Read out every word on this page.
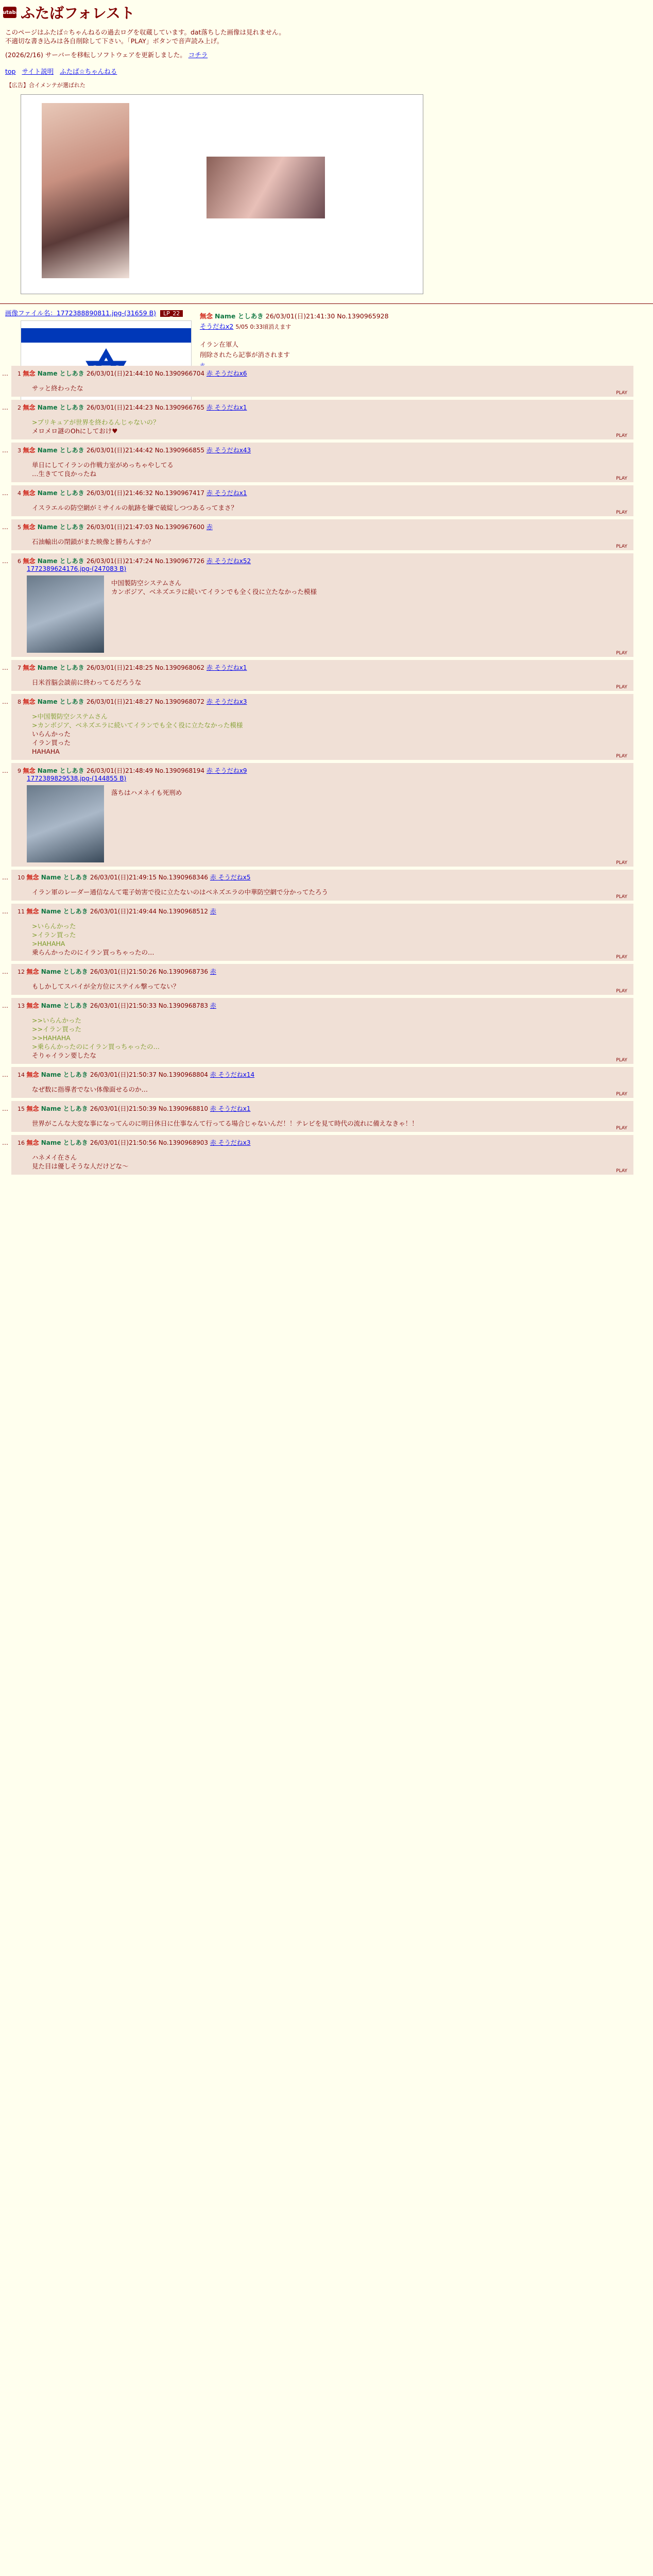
futaba ふたばフォレスト
このページはふたば☆ちゃんねるの過去ログを収蔵しています。dat落ちした画像は見れません。
不適切な書き込みは各自削除して下さい。「PLAY」ボタンで音声読み上げ。
(2026/2/16) サーバーを移転しソフトウェアを更新しました。 コチラ
top サイト説明 ふたば☆ちゃんねる
【広告】合イメンテが選ばれた
画像ファイル名：1772388890811.jpg-(31659 B) LP_22	無念 Name としあき 26/03/01(日)21:41:30 No.1390965928
そうだねx2 5/05 0:33頃消えます
イラン在軍人
削除されたら記事が消されます
… 1 無念 Name としあき 26/03/01(日)21:44:10 No.1390966704 赤 そうだねx6
サッと終わったな
PLAY
… 2 無念 Name としあき 26/03/01(日)21:44:23 No.1390966765 赤 そうだねx1
>プリキュアが世界を終わるんじゃないの？
メロメロ謎のOhにしておけ♥
PLAY
… 3 無念 Name としあき 26/03/01(日)21:44:42 No.1390966855 赤 そうだねx43
単日にしてイランの作戦力室がめっちゃやしてる
…生きてて良かったね
PLAY
… 4 無念 Name としあき 26/03/01(日)21:46:32 No.1390967417 赤 そうだねx1
イスラエルの防空網がミサイルの航跡を嫌で破綻しつつあるってまさ？
PLAY
… 5 無念 Name としあき 26/03/01(日)21:47:03 No.1390967600 赤
石油輸出の閉鎖がまた映像と勝ちんすか？
PLAY
… 6 無念 Name としあき 26/03/01(日)21:47:24 No.1390967726 赤 そうだねx52
1772389624176.jpg-(247083 B)
中国製防空システムさん
カンボジア、ベネズエラに続いてイランでも全く役に立たなかった模様
PLAY
… 7 無念 Name としあき 26/03/01(日)21:48:25 No.1390968062 赤 そうだねx1
日米首脳会談前に終わってるだろうな
PLAY
… 8 無念 Name としあき 26/03/01(日)21:48:27 No.1390968072 赤 そうだねx3
>中国製防空システムさん
>カンボジア、ベネズエラに続いてイランでも全く役に立たなかった模様
いらんかった
イラン買った
HAHAHA
PLAY
… 9 無念 Name としあき 26/03/01(日)21:48:49 No.1390968194 赤 そうだねx9
1772389829538.jpg-(144855 B)
落ちはハメネイも死刑め
PLAY
… 10 無念 Name としあき 26/03/01(日)21:49:15 No.1390968346 赤 そうだねx5
イラン軍のレーダー通信なんて電子妨害で役に立たないのはベネズエラの中華防空網で分かってたろう
PLAY
… 11 無念 Name としあき 26/03/01(日)21:49:44 No.1390968512 赤
>いらんかった
>イラン買った
>HAHAHA
乗らんかったのにイラン買っちゃったの…
PLAY
… 12 無念 Name としあき 26/03/01(日)21:50:26 No.1390968736 赤
もしかしてスパイが全方位にステイル撃ってない？
PLAY
… 13 無念 Name としあき 26/03/01(日)21:50:33 No.1390968783 赤
>>いらんかった
>>イラン買った
>>HAHAHA
>乗らんかったのにイラン買っちゃったの…
そりゃイラン要したな
PLAY
… 14 無念 Name としあき 26/03/01(日)21:50:37 No.1390968804 赤 そうだねx14
なぜ数に指導者でない体像面せるのか…
PLAY
… 15 無念 Name としあき 26/03/01(日)21:50:39 No.1390968810 赤 そうだねx1
世界がこんな大変な事になってんのに明日休日に仕事なんて行ってる場合じゃないんだ！！テレビを見て時代の流れに備えなきゃ！！
PLAY
… 16 無念 Name としあき 26/03/01(日)21:50:56 No.1390968903 赤 そうだねx3
ハネメイ在さん
見た目は優しそうな人だけどな～
PLAY
